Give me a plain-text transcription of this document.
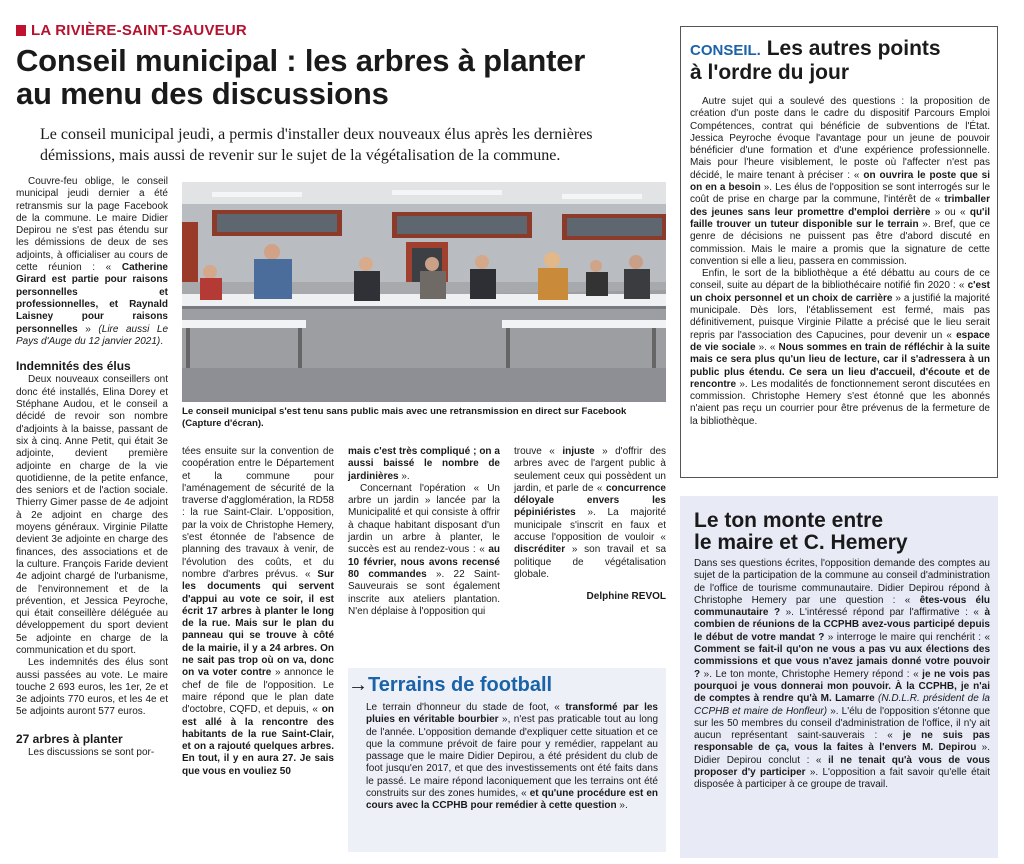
LA RIVIÈRE-SAINT-SAUVEUR
Conseil municipal : les arbres à planter
au menu des discussions
Le conseil municipal jeudi, a permis d'installer deux nouveaux élus après les dernières
démissions, mais aussi de revenir sur le sujet de la végétalisation de la commune.

Couvre-feu oblige, le conseil municipal jeudi dernier a été retransmis sur la page Facebook de la commune. Le maire Didier Depirou ne s'est pas étendu sur les démissions de deux de ses adjoints, à officialiser au cours de cette réunion : « Catherine Girard est partie pour raisons personnelles et professionnelles, et Raynald Laisney pour raisons personnelles » (Lire aussi Le Pays d'Auge du 12 janvier 2021).

Indemnités des élus

Deux nouveaux conseillers ont donc été installés, Elina Dorey et Stéphane Audou, et le conseil a décidé de revoir son nombre d'adjoints à la baisse, passant de six à cinq. Anne Petit, qui était 3e adjointe, devient première adjointe en charge de la vie quotidienne, de la petite enfance, des seniors et de l'action sociale. Thierry Gimer passe de 4e adjoint à 2e adjoint en charge des moyens généraux. Virginie Pilatte devient 3e adjointe en charge des finances, des associations et de la culture. François Faride devient 4e adjoint chargé de l'urbanisme, de l'environnement et de la prévention, et Jessica Peyroche, qui était conseillère déléguée au développement du sport devient 5e adjointe en charge de la communication et du sport.

Les indemnités des élus sont aussi passées au vote. Le maire touche 2 693 euros, les 1er, 2e et 3e adjoints 770 euros, et les 4e et 5e adjoints auront 577 euros.

27 arbres à planter

Les discussions se sont por-

Le conseil municipal s'est tenu sans public mais avec une retransmission en direct sur Facebook (Capture d'écran).

tées ensuite sur la convention de coopération entre le Département et la commune pour l'aménagement de sécurité de la traverse d'agglomération, la RD58 : la rue Saint-Clair. L'opposition, par la voix de Christophe Hemery, s'est étonnée de l'absence de planning des travaux à venir, de l'évolution des coûts, et du nombre d'arbres prévus. « Sur les documents qui servent d'appui au vote ce soir, il est écrit 17 arbres à planter le long de la rue. Mais sur le plan du panneau qui se trouve à côté de la mairie, il y a 24 arbres. On ne sait pas trop où on va, donc on va voter contre » annonce le chef de file de l'opposition. Le maire répond que le plan date d'octobre, CQFD, et depuis, « on est allé à la rencontre des habitants de la rue Saint-Clair, et on a rajouté quelques arbres. En tout, il y en aura 27. Je sais que vous en vouliez 50

mais c'est très compliqué ; on a aussi baissé le nombre de jardinières ».

Concernant l'opération « Un arbre un jardin » lancée par la Municipalité et qui consiste à offrir à chaque habitant disposant d'un jardin un arbre à planter, le succès est au rendez-vous : « au 10 février, nous avons recensé 80 commandes ». 22 Saint-Sauveurais se sont également inscrite aux ateliers plantation. N'en déplaise à l'opposition qui

trouve « injuste » d'offrir des arbres avec de l'argent public à seulement ceux qui possèdent un jardin, et parle de « concurrence déloyale envers les pépiniéristes ». La majorité municipale s'inscrit en faux et accuse l'opposition de vouloir « discréditer » son travail et sa politique de végétalisation globale.

Delphine REVOL
→Terrains de football

Le terrain d'honneur du stade de foot, « transformé par les pluies en véritable bourbier », n'est pas praticable tout au long de l'année. L'opposition demande d'expliquer cette situation et ce que la commune prévoit de faire pour y remédier, rappelant au passage que le maire Didier Depirou, a été président du club de foot jusqu'en 2017, et que des investissements ont été faits dans le passé. Le maire répond laconiquement que les terrains ont été construits sur des zones humides, « et qu'une procédure est en cours avec la CCPHB pour remédier à cette question ».

CONSEIL. Les autres points
à l'ordre du jour

Autre sujet qui a soulevé des questions : la proposition de création d'un poste dans le cadre du dispositif Parcours Emploi Compétences, contrat qui bénéficie de subventions de l'État. Jessica Peyroche évoque l'avantage pour un jeune de pouvoir bénéficier d'une formation et d'une expérience professionnelle. Mais pour l'heure visiblement, le poste où l'affecter n'est pas décidé, le maire tenant à préciser : « on ouvrira le poste que si on en a besoin ». Les élus de l'opposition se sont interrogés sur le coût de prise en charge par la commune, l'intérêt de « trimballer des jeunes sans leur promettre d'emploi derrière » ou « qu'il faille trouver un tuteur disponible sur le terrain ». Bref, que ce genre de décisions ne puissent pas être d'abord discuté en commission. Mais le maire a promis que la signature de cette convention si elle a lieu, passera en commission.

Enfin, le sort de la bibliothèque a été débattu au cours de ce conseil, suite au départ de la bibliothécaire notifié fin 2020 : « c'est un choix personnel et un choix de carrière » a justifié la majorité municipale. Dès lors, l'établissement est fermé, mais pas définitivement, puisque Virginie Pilatte a précisé que le lieu serait repris par l'association des Capucines, pour devenir un « espace de vie sociale ». « Nous sommes en train de réfléchir à la suite mais ce sera plus qu'un lieu de lecture, car il s'adressera à un public plus étendu. Ce sera un lieu d'accueil, d'écoute et de rencontre ». Les modalités de fonctionnement seront discutées en commission. Christophe Hemery s'est étonné que les abonnés n'aient pas reçu un courrier pour être prévenus de la fermeture de la bibliothèque.

Le ton monte entre
le maire et C. Hemery

Dans ses questions écrites, l'opposition demande des comptes au sujet de la participation de la commune au conseil d'administration de l'office de tourisme communautaire. Didier Depirou répond à Christophe Hemery par une question : « êtes-vous élu communautaire ? ». L'intéressé répond par l'affirmative : « à combien de réunions de la CCPHB avez-vous participé depuis le début de votre mandat ? » interroge le maire qui renchérit : « Comment se fait-il qu'on ne vous a pas vu aux élections des commissions et que vous n'avez jamais donné votre pouvoir ? ». Le ton monte, Christophe Hemery répond : « je ne vois pas pourquoi je vous donnerai mon pouvoir. À la CCPHB, je n'ai de comptes à rendre qu'à M. Lamarre (N.D.L.R. président de la CCPHB et maire de Honfleur) ». L'élu de l'opposition s'étonne que sur les 50 membres du conseil d'administration de l'office, il n'y ait aucun représentant saint-sauverais : « je ne suis pas responsable de ça, vous la faites à l'envers M. Depirou ». Didier Depirou conclut : « il ne tenait qu'à vous de vous proposer d'y participer ». L'opposition a fait savoir qu'elle était disposée à participer à ce groupe de travail.
